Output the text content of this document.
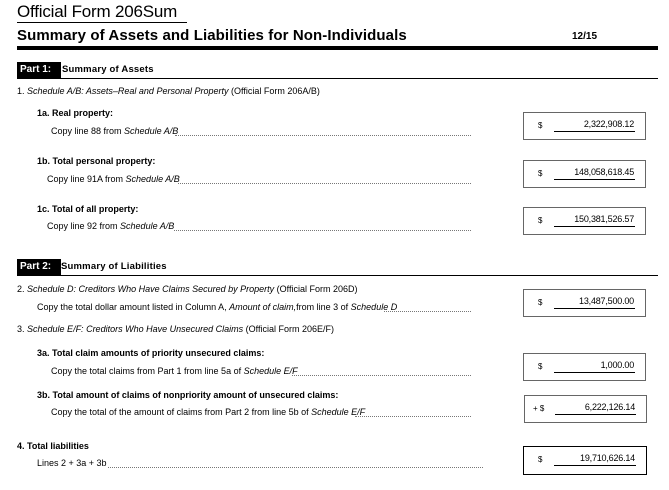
Official Form 206Sum
Summary of Assets and Liabilities for Non-Individuals	12/15
Part 1:	Summary of Assets
1. Schedule A/B: Assets–Real and Personal Property (Official Form 206A/B)
1a. Real property:
Copy line 88 from Schedule A/B
$	2,322,908.12
1b. Total personal property:
Copy line 91A from Schedule A/B
$	148,058,618.45
1c. Total of all property:
Copy line 92 from Schedule A/B
$	150,381,526.57
Part 2:	Summary of Liabilities
2. Schedule D: Creditors Who Have Claims Secured by Property (Official Form 206D)
Copy the total dollar amount listed in Column A, Amount of claim,from line 3 of Schedule D	$	13,487,500.00
3. Schedule E/F: Creditors Who Have Unsecured Claims (Official Form 206E/F)
3a. Total claim amounts of priority unsecured claims:
Copy the total claims from Part 1 from line 5a of Schedule E/F	$	1,000.00
3b. Total amount of claims of nonpriority amount of unsecured claims:
Copy the total of the amount of claims from Part 2 from line 5b of Schedule E/F	+ $	6,222,126.14
4. Total liabilities
Lines 2 + 3a + 3b	$	19,710,626.14
